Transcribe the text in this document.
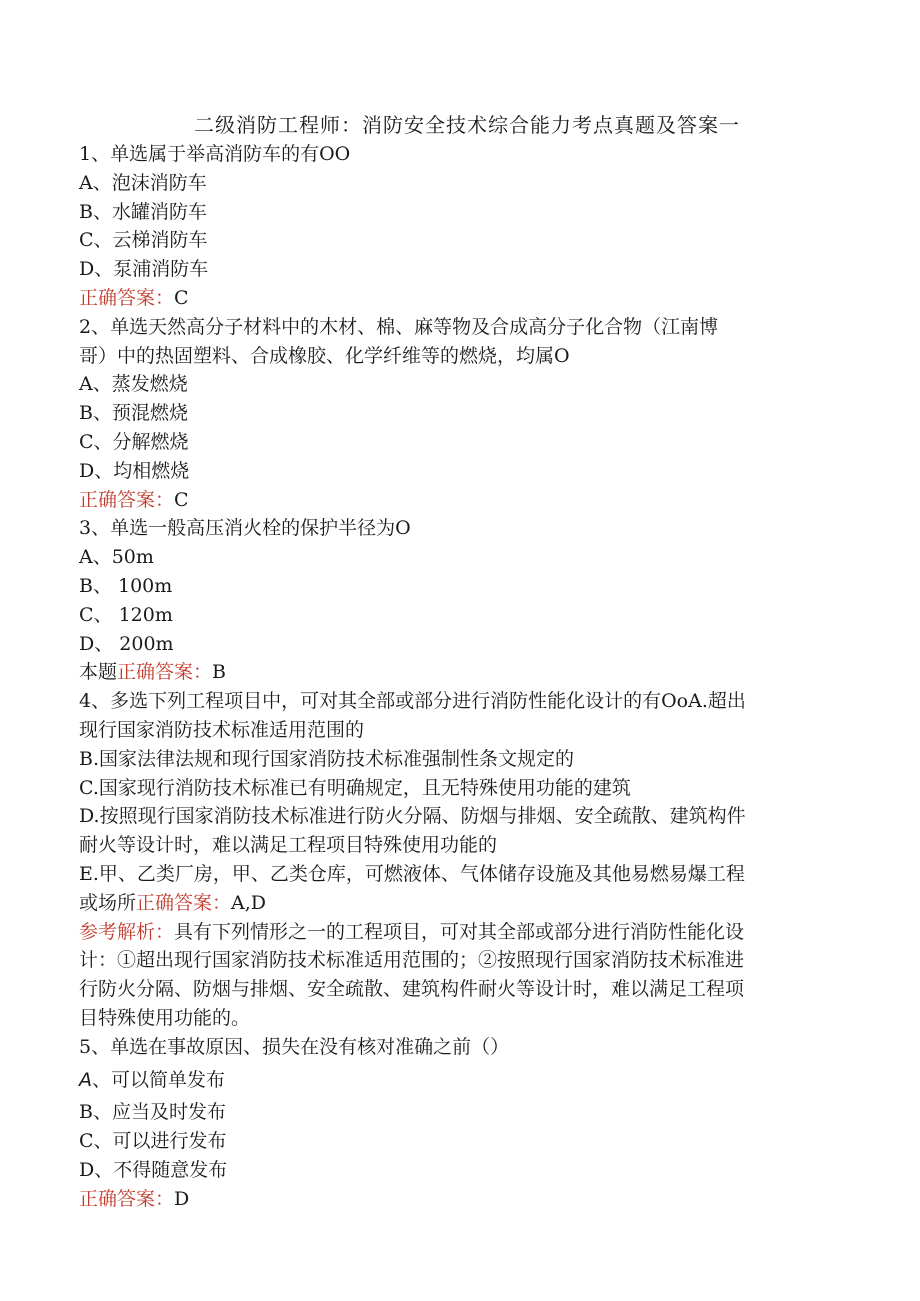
二级消防工程师：消防安全技术综合能力考点真题及答案一
1、单选属于举高消防车的有OO
A、泡沫消防车
B、水罐消防车
C、云梯消防车
D、泵浦消防车
正确答案：C
2、单选天然高分子材料中的木材、棉、麻等物及合成高分子化合物（江南博
哥）中的热固塑料、合成橡胶、化学纤维等的燃烧，均属O
A、蒸发燃烧
B、预混燃烧
C、分解燃烧
D、均相燃烧
正确答案：C
3、单选一般高压消火栓的保护半径为O
A、50m
B、 100m
C、 120m
D、 200m
本题正确答案：B
4、多选下列工程项目中，可对其全部或部分进行消防性能化设计的有OoA.超出
现行国家消防技术标准适用范围的
B.国家法律法规和现行国家消防技术标准强制性条文规定的
C.国家现行消防技术标准已有明确规定，且无特殊使用功能的建筑
D.按照现行国家消防技术标准进行防火分隔、防烟与排烟、安全疏散、建筑构件
耐火等设计时，难以满足工程项目特殊使用功能的
E.甲、乙类厂房，甲、乙类仓库，可燃液体、气体储存设施及其他易燃易爆工程
或场所正确答案：A,D
参考解析：具有下列情形之一的工程项目，可对其全部或部分进行消防性能化设
计：①超出现行国家消防技术标准适用范围的；②按照现行国家消防技术标准进
行防火分隔、防烟与排烟、安全疏散、建筑构件耐火等设计时，难以满足工程项
目特殊使用功能的。
5、单选在事故原因、损失在没有核对准确之前（）
A、可以简单发布
B、应当及时发布
C、可以进行发布
D、不得随意发布
正确答案：D
